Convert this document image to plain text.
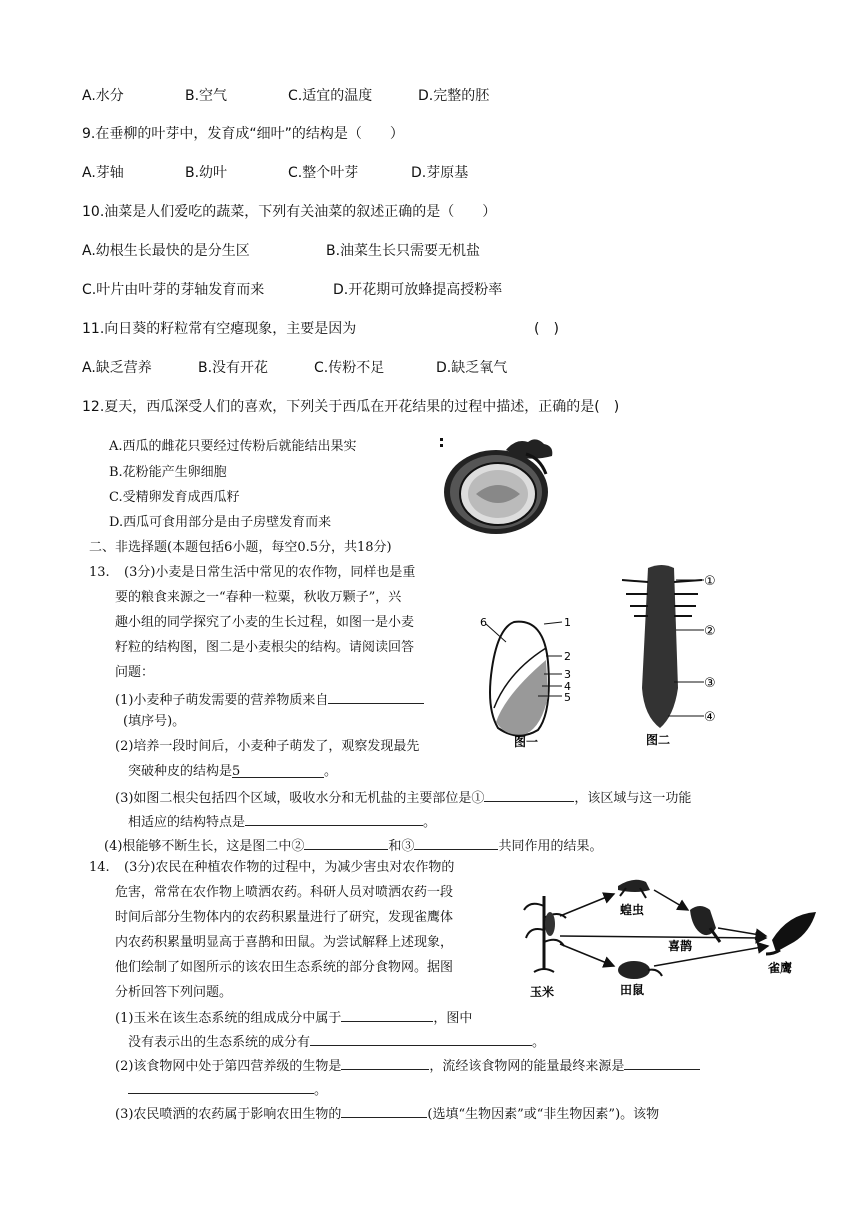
A.水分	B.空气	C.适宜的温度	D.完整的胚
9.在垂柳的叶芽中，发育成“细叶”的结构是（　　）
A.芽轴	B.幼叶	C.整个叶芽	D.芽原基
10.油菜是人们爱吃的蔬菜，下列有关油菜的叙述正确的是（　　）
A.幼根生长最快的是分生区	B.油菜生长只需要无机盐
C.叶片由叶芽的芽轴发育而来	D.开花期可放蜂提高授粉率
11.向日葵的籽粒常有空瘪现象，主要是因为	(　)
A.缺乏营养	B.没有开花	C.传粉不足	D.缺乏氧气
12.夏天，西瓜深受人们的喜欢，下列关于西瓜在开花结果的过程中描述，正确的是(　)
A.西瓜的雌花只要经过传粉后就能结出果实
B.花粉能产生卵细胞
C.受精卵发育成西瓜籽
D.西瓜可食用部分是由子房壁发育而来
二、非选择题(本题包括6小题，每空0.5分，共18分)
13. (3分)小麦是日常生活中常见的农作物，同样也是重
要的粮食来源之一“春种一粒粟，秋收万颗子”，兴
趣小组的同学探究了小麦的生长过程，如图一是小麦
籽粒的结构图，图二是小麦根尖的结构。请阅读回答
问题：
(1)小麦种子萌发需要的营养物质来自
(填序号)。
(2)培养一段时间后，小麦种子萌发了，观察发现最先
突破种皮的结构是5	。
(3)如图二根尖包括四个区域，吸收水分和无机盐的主要部位是①	，该区域与这一功能
相适应的结构特点是	。
(4)根能够不断生长，这是图二中②	和③	共同作用的结果。
6	1
2
3
4
5
图一
①
②
③
④
图二
14. (3分)农民在种植农作物的过程中，为减少害虫对农作物的
危害，常常在农作物上喷洒农药。科研人员对喷洒农药一段
时间后部分生物体内的农药积累量进行了研究，发现雀鹰体
内农药积累量明显高于喜鹊和田鼠。为尝试解释上述现象，
他们绘制了如图所示的该农田生态系统的部分食物网。据图
分析回答下列问题。
(1)玉米在该生态系统的组成成分中属于	，图中
没有表示出的生态系统的成分有	。
(2)该食物网中处于第四营养级的生物是	，流经该食物网的能量最终来源是
。
(3)农民喷洒的农药属于影响农田生物的	(选填“生物因素”或“非生物因素”)。该物
玉米
蝗虫
喜鹊
田鼠
雀鹰
